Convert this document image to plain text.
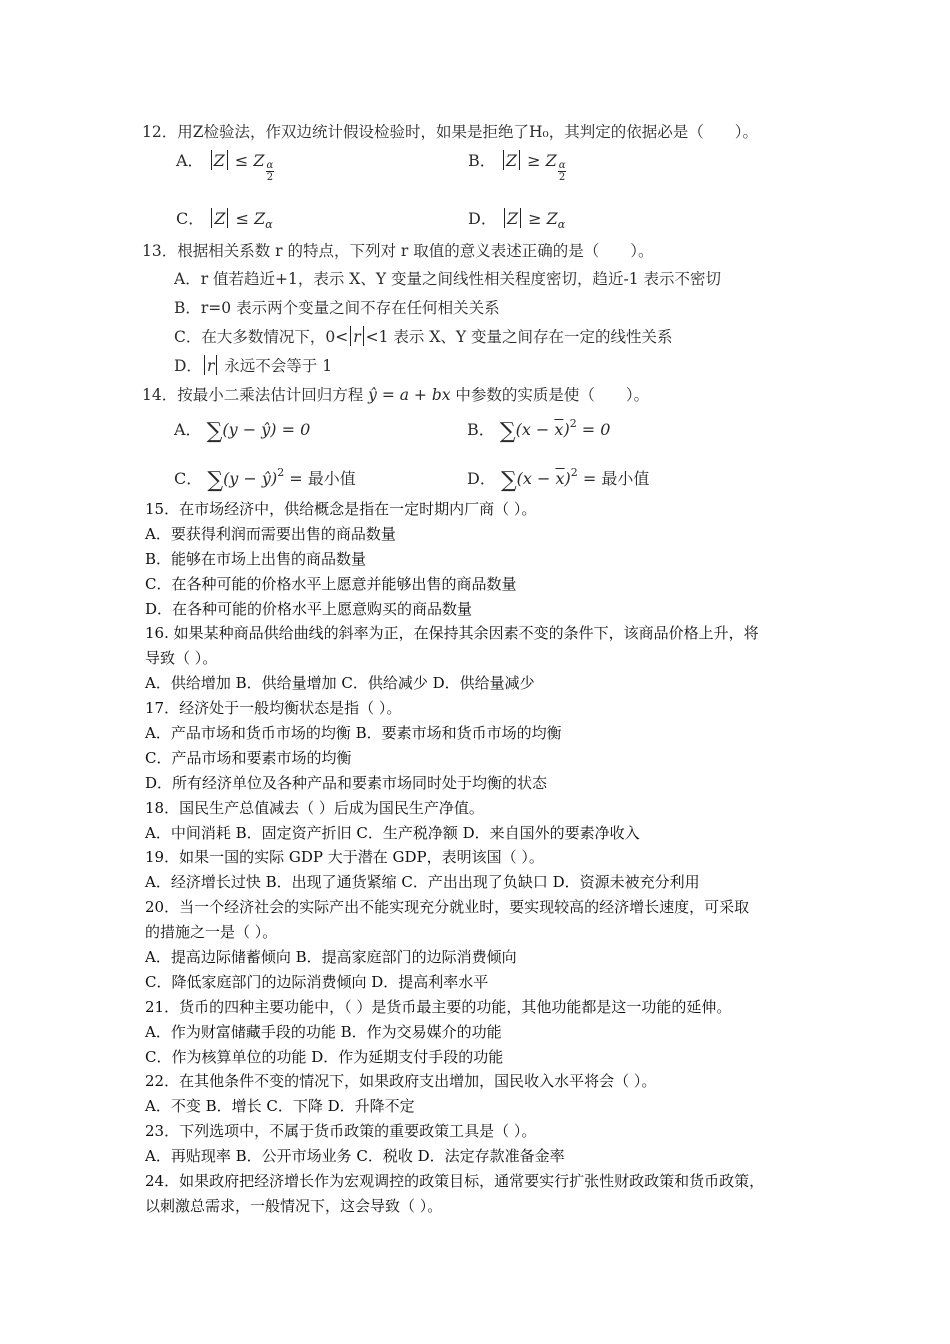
12．用Z检验法，作双边统计假设检验时，如果是拒绝了H₀，其判定的依据必是（　　）。
A． Z ≤ Z $\frac{\alpha}{2}$	B． Z ≥ Z $\frac{\alpha}{2}$
C． $Z \le Z_\alpha$	D． $Z \ge Z_\alpha$
13．根据相关系数 r 的特点，下列对 r 取值的意义表述正确的是（　　）。
A．r 值若趋近+1，表示 X、Y 变量之间线性相关程度密切，趋近-1 表示不密切
B．r=0 表示两个变量之间不存在任何相关关系
C．在大多数情况下，0< r <1 表示 X、Y 变量之间存在一定的线性关系
D． r 永远不会等于 1
14．按最小二乘法估计回归方程 ŷ = a + bx 中参数的实质是使（　　）。
A． ∑(y − ŷ) = 0	B． $\sum(x - \overline{x})^2 = 0$
C． ∑(y − ŷ)$^2$ = 最小值	D． $\sum(x - \overline{x})^2$ = 最小值
15．在市场经济中，供给概念是指在一定时期内厂商（ ）。
A．要获得利润而需要出售的商品数量
B．能够在市场上出售的商品数量
C．在各种可能的价格水平上愿意并能够出售的商品数量
D．在各种可能的价格水平上愿意购买的商品数量
16. 如果某种商品供给曲线的斜率为正，在保持其余因素不变的条件下，该商品价格上升，将
导致（ ）。
A．供给增加 B．供给量增加 C．供给减少 D．供给量减少
17．经济处于一般均衡状态是指（ ）。
A．产品市场和货币市场的均衡 B．要素市场和货币市场的均衡
C．产品市场和要素市场的均衡
D．所有经济单位及各种产品和要素市场同时处于均衡的状态
18．国民生产总值减去（ ）后成为国民生产净值。
A．中间消耗 B．固定资产折旧 C．生产税净额 D．来自国外的要素净收入
19．如果一国的实际 GDP 大于潜在 GDP，表明该国（ ）。
A．经济增长过快 B．出现了通货紧缩 C．产出出现了负缺口 D．资源未被充分利用
20．当一个经济社会的实际产出不能实现充分就业时，要实现较高的经济增长速度，可采取
的措施之一是（ ）。
A．提高边际储蓄倾向 B．提高家庭部门的边际消费倾向
C．降低家庭部门的边际消费倾向 D．提高利率水平
21．货币的四种主要功能中，（ ）是货币最主要的功能，其他功能都是这一功能的延伸。
A．作为财富储藏手段的功能 B．作为交易媒介的功能
C．作为核算单位的功能 D．作为延期支付手段的功能
22．在其他条件不变的情况下，如果政府支出增加，国民收入水平将会（ ）。
A．不变 B．增长 C．下降 D．升降不定
23．下列选项中，不属于货币政策的重要政策工具是（ ）。
A．再贴现率 B．公开市场业务 C．税收 D．法定存款准备金率
24．如果政府把经济增长作为宏观调控的政策目标，通常要实行扩张性财政政策和货币政策，
以刺激总需求，一般情况下，这会导致（ ）。
